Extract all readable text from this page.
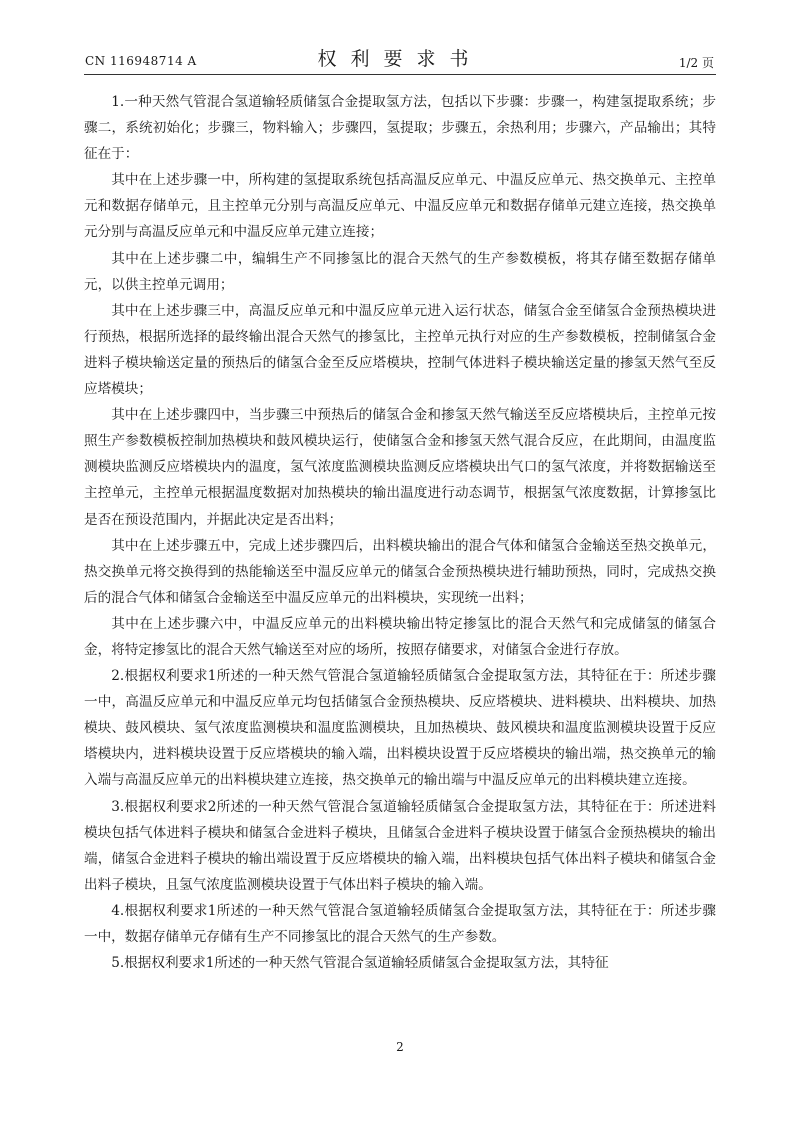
CN 116948714 A	权利要求书	1/2 页

1.一种天然气管混合氢道输轻质储氢合金提取氢方法，包括以下步骤：步骤一，构建氢提取系统；步骤二，系统初始化；步骤三，物料输入；步骤四，氢提取；步骤五，余热利用；步骤六，产品输出；其特征在于：

其中在上述步骤一中，所构建的氢提取系统包括高温反应单元、中温反应单元、热交换单元、主控单元和数据存储单元，且主控单元分别与高温反应单元、中温反应单元和数据存储单元建立连接，热交换单元分别与高温反应单元和中温反应单元建立连接；

其中在上述步骤二中，编辑生产不同掺氢比的混合天然气的生产参数模板，将其存储至数据存储单元，以供主控单元调用；

其中在上述步骤三中，高温反应单元和中温反应单元进入运行状态，储氢合金至储氢合金预热模块进行预热，根据所选择的最终输出混合天然气的掺氢比，主控单元执行对应的生产参数模板，控制储氢合金进料子模块输送定量的预热后的储氢合金至反应塔模块，控制气体进料子模块输送定量的掺氢天然气至反应塔模块；

其中在上述步骤四中，当步骤三中预热后的储氢合金和掺氢天然气输送至反应塔模块后，主控单元按照生产参数模板控制加热模块和鼓风模块运行，使储氢合金和掺氢天然气混合反应，在此期间，由温度监测模块监测反应塔模块内的温度，氢气浓度监测模块监测反应塔模块出气口的氢气浓度，并将数据输送至主控单元，主控单元根据温度数据对加热模块的输出温度进行动态调节，根据氢气浓度数据，计算掺氢比是否在预设范围内，并据此决定是否出料；

其中在上述步骤五中，完成上述步骤四后，出料模块输出的混合气体和储氢合金输送至热交换单元，热交换单元将交换得到的热能输送至中温反应单元的储氢合金预热模块进行辅助预热，同时，完成热交换后的混合气体和储氢合金输送至中温反应单元的出料模块，实现统一出料；

其中在上述步骤六中，中温反应单元的出料模块输出特定掺氢比的混合天然气和完成储氢的储氢合金，将特定掺氢比的混合天然气输送至对应的场所，按照存储要求，对储氢合金进行存放。

2.根据权利要求1所述的一种天然气管混合氢道输轻质储氢合金提取氢方法，其特征在于：所述步骤一中，高温反应单元和中温反应单元均包括储氢合金预热模块、反应塔模块、进料模块、出料模块、加热模块、鼓风模块、氢气浓度监测模块和温度监测模块，且加热模块、鼓风模块和温度监测模块设置于反应塔模块内，进料模块设置于反应塔模块的输入端，出料模块设置于反应塔模块的输出端，热交换单元的输入端与高温反应单元的出料模块建立连接，热交换单元的输出端与中温反应单元的出料模块建立连接。

3.根据权利要求2所述的一种天然气管混合氢道输轻质储氢合金提取氢方法，其特征在于：所述进料模块包括气体进料子模块和储氢合金进料子模块，且储氢合金进料子模块设置于储氢合金预热模块的输出端，储氢合金进料子模块的输出端设置于反应塔模块的输入端，出料模块包括气体出料子模块和储氢合金出料子模块，且氢气浓度监测模块设置于气体出料子模块的输入端。

4.根据权利要求1所述的一种天然气管混合氢道输轻质储氢合金提取氢方法，其特征在于：所述步骤一中，数据存储单元存储有生产不同掺氢比的混合天然气的生产参数。

5.根据权利要求1所述的一种天然气管混合氢道输轻质储氢合金提取氢方法，其特征

2
